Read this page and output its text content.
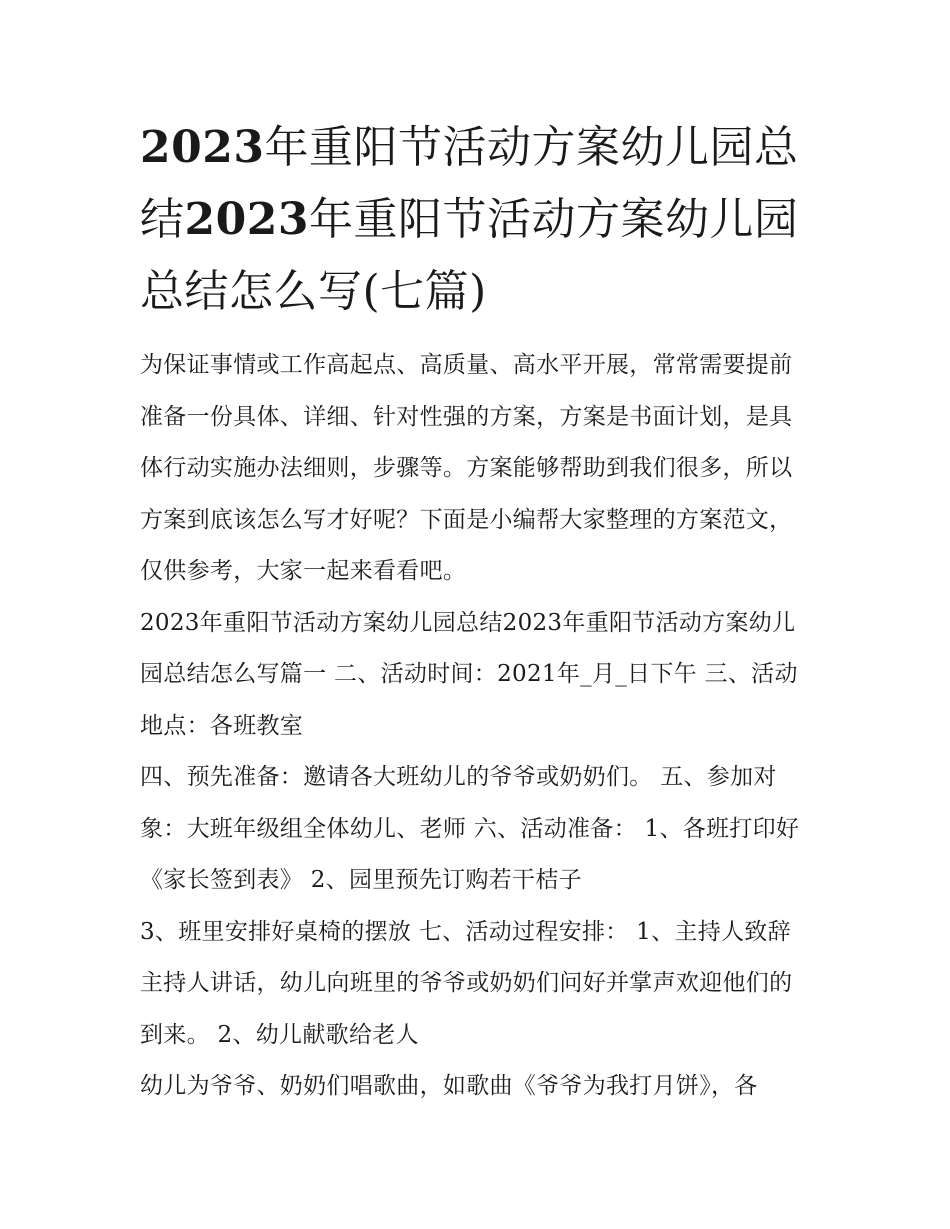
2023年重阳节活动方案幼儿园总结2023年重阳节活动方案幼儿园总结怎么写(七篇)

为保证事情或工作高起点、高质量、高水平开展，常常需要提前准备一份具体、详细、针对性强的方案，方案是书面计划，是具体行动实施办法细则，步骤等。方案能够帮助到我们很多，所以方案到底该怎么写才好呢？下面是小编帮大家整理的方案范文，仅供参考，大家一起来看看吧。

2023年重阳节活动方案幼儿园总结2023年重阳节活动方案幼儿园总结怎么写篇一 二、活动时间：2021年_月_日下午 三、活动地点：各班教室

四、预先准备：邀请各大班幼儿的爷爷或奶奶们。 五、参加对象：大班年级组全体幼儿、老师 六、活动准备： 1、各班打印好《家长签到表》 2、园里预先订购若干桔子

3、班里安排好桌椅的摆放 七、活动过程安排： 1、主持人致辞 主持人讲话，幼儿向班里的爷爷或奶奶们问好并掌声欢迎他们的到来。 2、幼儿献歌给老人

幼儿为爷爷、奶奶们唱歌曲，如歌曲《爷爷为我打月饼》，各
